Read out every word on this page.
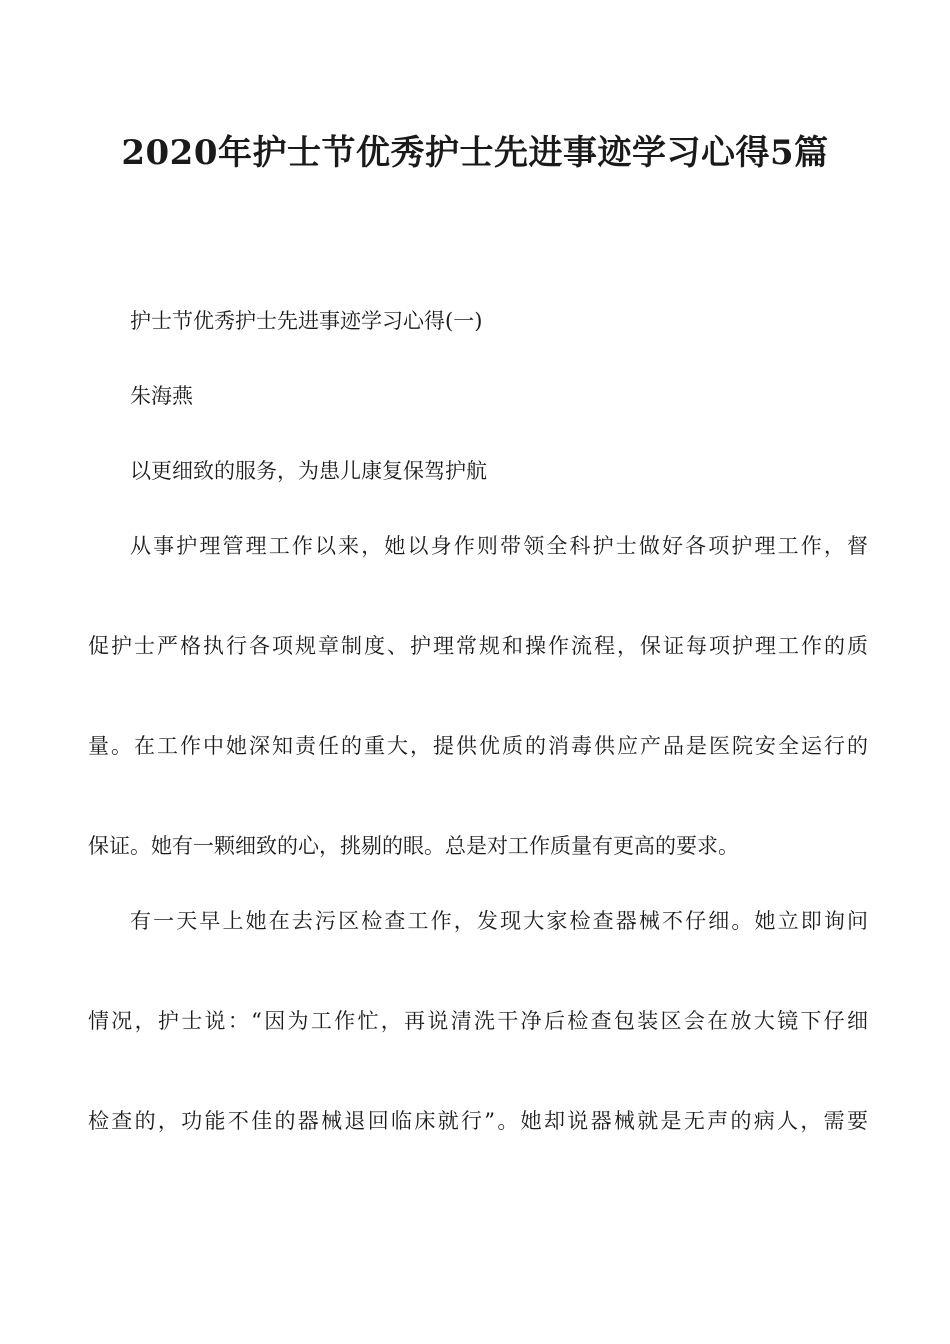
2020年护士节优秀护士先进事迹学习心得5篇

护士节优秀护士先进事迹学习心得(一)

朱海燕

以更细致的服务，为患儿康复保驾护航

从事护理管理工作以来，她以身作则带领全科护士做好各项护理工作，督

促护士严格执行各项规章制度、护理常规和操作流程，保证每项护理工作的质

量。在工作中她深知责任的重大，提供优质的消毒供应产品是医院安全运行的

保证。她有一颗细致的心，挑剔的眼。总是对工作质量有更高的要求。

有一天早上她在去污区检查工作，发现大家检查器械不仔细。她立即询问

情况，护士说：“因为工作忙，再说清洗干净后检查包装区会在放大镜下仔细

检查的，功能不佳的器械退回临床就行”。她却说器械就是无声的病人，需要
